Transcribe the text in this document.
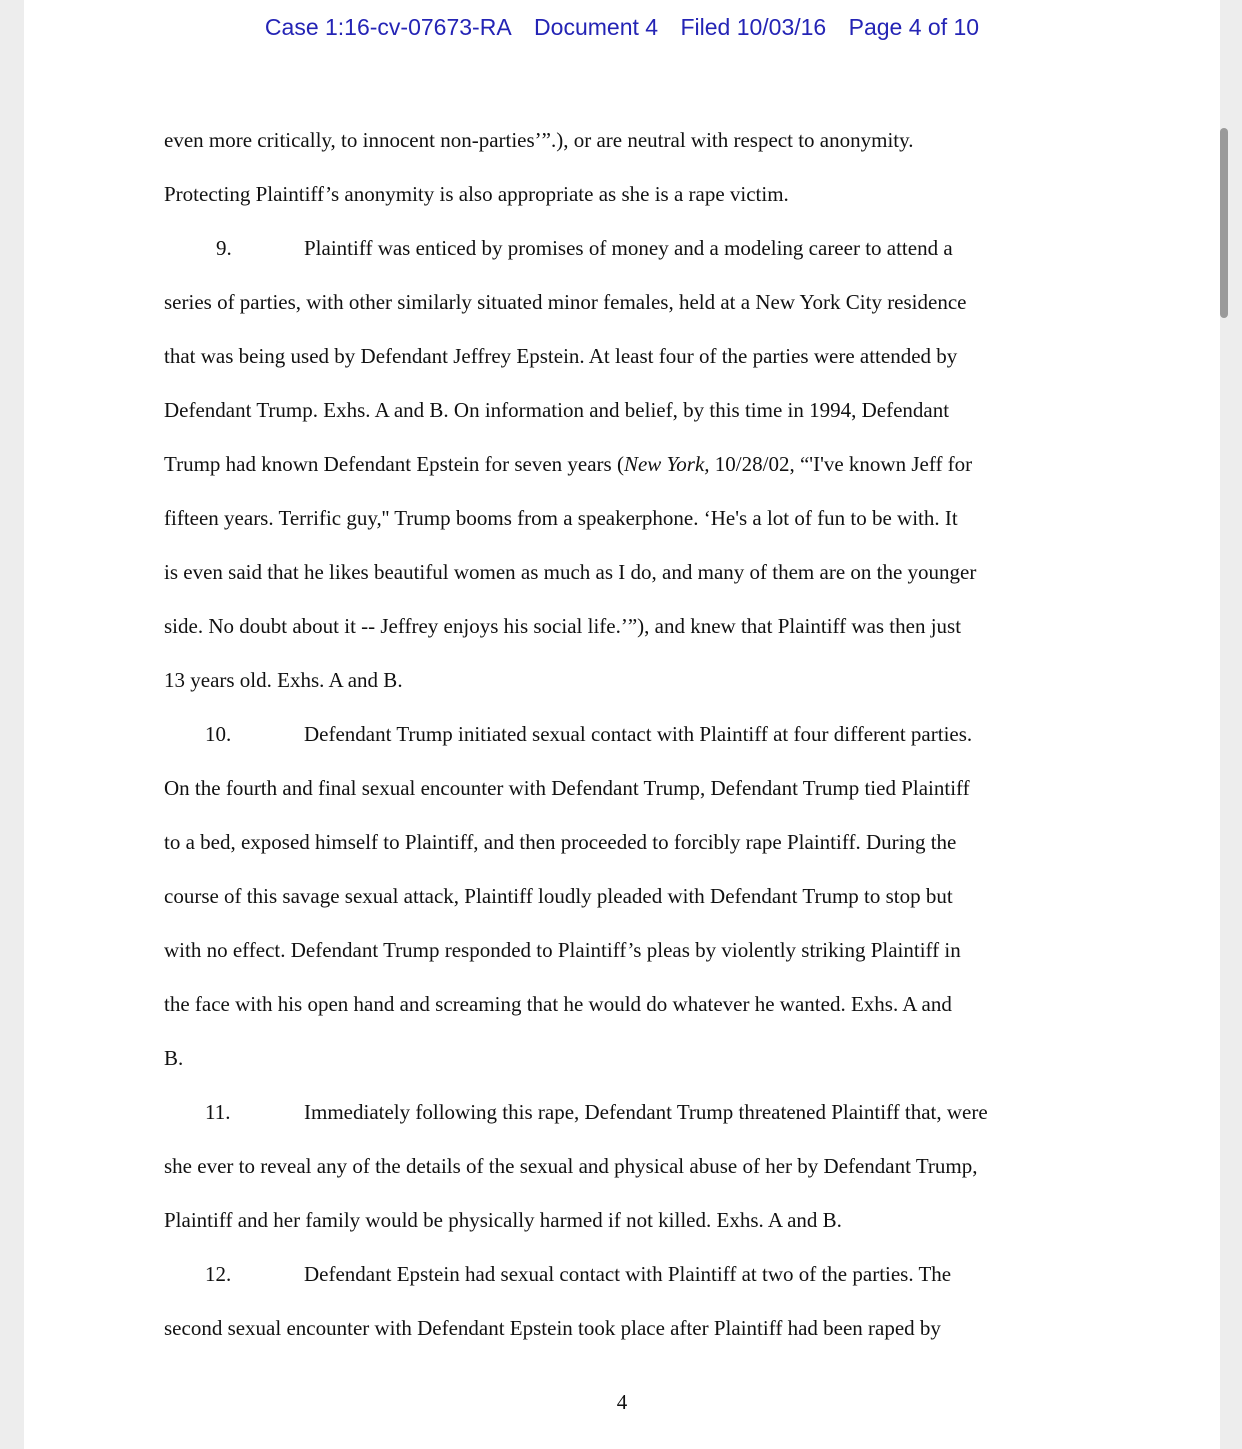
Case 1:16-cv-07673-RA Document 4 Filed 10/03/16 Page 4 of 10
even more critically, to innocent non-parties’”.), or are neutral with respect to anonymity.
Protecting Plaintiff’s anonymity is also appropriate as she is a rape victim.
9.	Plaintiff was enticed by promises of money and a modeling career to attend a
series of parties, with other similarly situated minor females, held at a New York City residence
that was being used by Defendant Jeffrey Epstein. At least four of the parties were attended by
Defendant Trump. Exhs. A and B. On information and belief, by this time in 1994, Defendant
Trump had known Defendant Epstein for seven years (New York, 10/28/02, “'I've known Jeff for
fifteen years. Terrific guy,'' Trump booms from a speakerphone. ‘He's a lot of fun to be with. It
is even said that he likes beautiful women as much as I do, and many of them are on the younger
side. No doubt about it -- Jeffrey enjoys his social life.’”), and knew that Plaintiff was then just
13 years old. Exhs. A and B.
10.	Defendant Trump initiated sexual contact with Plaintiff at four different parties.
On the fourth and final sexual encounter with Defendant Trump, Defendant Trump tied Plaintiff
to a bed, exposed himself to Plaintiff, and then proceeded to forcibly rape Plaintiff. During the
course of this savage sexual attack, Plaintiff loudly pleaded with Defendant Trump to stop but
with no effect. Defendant Trump responded to Plaintiff’s pleas by violently striking Plaintiff in
the face with his open hand and screaming that he would do whatever he wanted. Exhs. A and
B.
11.	Immediately following this rape, Defendant Trump threatened Plaintiff that, were
she ever to reveal any of the details of the sexual and physical abuse of her by Defendant Trump,
Plaintiff and her family would be physically harmed if not killed. Exhs. A and B.
12.	Defendant Epstein had sexual contact with Plaintiff at two of the parties. The
second sexual encounter with Defendant Epstein took place after Plaintiff had been raped by
4
